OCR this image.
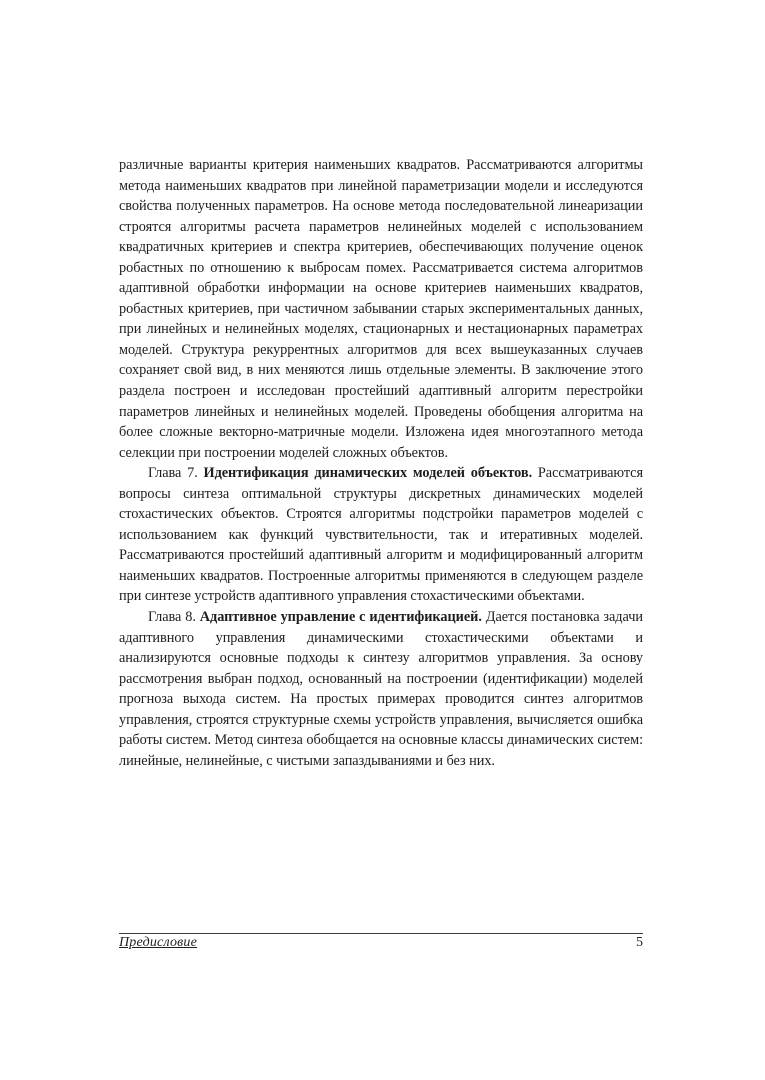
различные варианты критерия наименьших квадратов. Рассматриваются алгоритмы метода наименьших квадратов при линейной параметризации модели и исследуются свойства полученных параметров. На основе метода последовательной линеаризации строятся алгоритмы расчета параметров нелинейных моделей с использованием квадратичных критериев и спектра критериев, обеспечивающих получение оценок робастных по отношению к выбросам помех. Рассматривается система алгоритмов адаптивной обработки информации на основе критериев наименьших квадратов, робастных критериев, при частичном забывании старых экспериментальных данных, при линейных и нелинейных моделях, стационарных и нестационарных параметрах моделей. Структура рекуррентных алгоритмов для всех вышеуказанных случаев сохраняет свой вид, в них меняются лишь отдельные элементы. В заключение этого раздела построен и исследован простейший адаптивный алгоритм перестройки параметров линейных и нелинейных моделей. Проведены обобщения алгоритма на более сложные векторно-матричные модели. Изложена идея многоэтапного метода селекции при построении моделей сложных объектов.

Глава 7. Идентификация динамических моделей объектов. Рассматриваются вопросы синтеза оптимальной структуры дискретных динамических моделей стохастических объектов. Строятся алгоритмы подстройки параметров моделей с использованием как функций чувствительности, так и итеративных моделей. Рассматриваются простейший адаптивный алгоритм и модифицированный алгоритм наименьших квадратов. Построенные алгоритмы применяются в следующем разделе при синтезе устройств адаптивного управления стохастическими объектами.

Глава 8. Адаптивное управление с идентификацией. Дается постановка задачи адаптивного управления динамическими стохастическими объектами и анализируются основные подходы к синтезу алгоритмов управления. За основу рассмотрения выбран подход, основанный на построении (идентификации) моделей прогноза выхода систем. На простых примерах проводится синтез алгоритмов управления, строятся структурные схемы устройств управления, вычисляется ошибка работы систем. Метод синтеза обобщается на основные классы динамических систем: линейные, нелинейные, с чистыми запаздываниями и без них.

Предисловие	5
